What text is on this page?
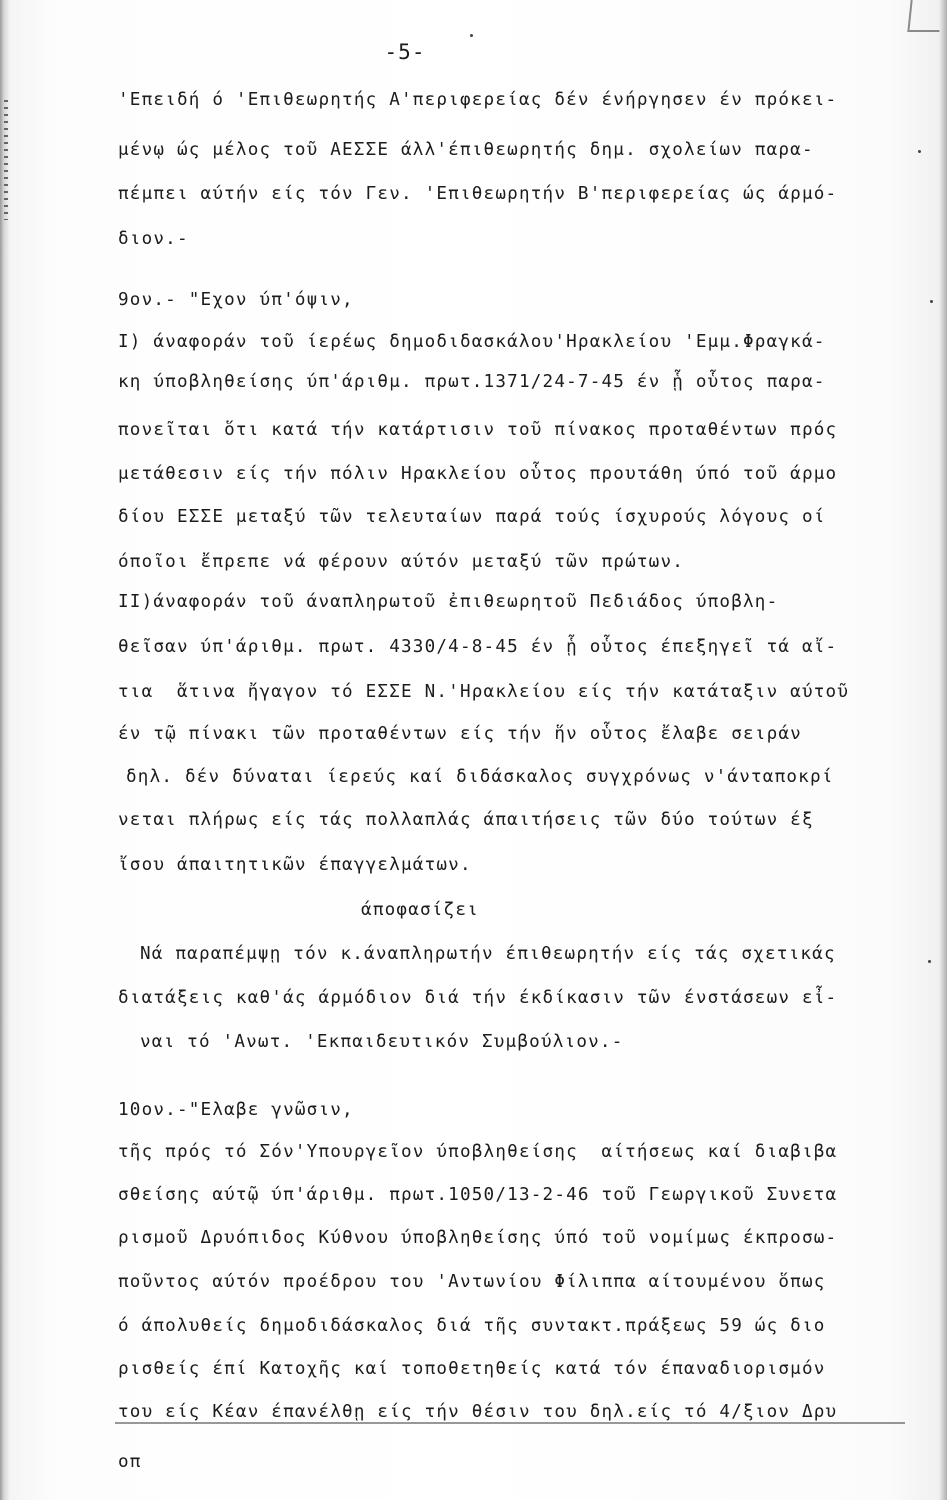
-5-
'Επειδή ό 'Επιθεωρητής Α'περιφερείας δέν ένήργησεν έν πρόκει-
μένῳ ώς μέλος τοῦ ΑΕΣΣΕ άλλ'έπιθεωρητής δημ. σχολείων παρα-
πέμπει αύτήν είς τόν Γεν. 'Επιθεωρητήν Β'περιφερείας ώς άρμό-
διον.-
9ον.- "Εχον ύπ'όψιν,
Ι) άναφοράν τοῦ ίερέως δημοδιδασκάλου'Ηρακλείου 'Εμμ.Φραγκά-
κη ύποβληθείσης ύπ'άριθμ. πρωτ.1371/24-7-45 έν ᾗ οὗτος παρα-
πονεῖται ὅτι κατά τήν κατάρτισιν τοῦ πίνακος προταθέντων πρός
μετάθεσιν είς τήν πόλιν Ηρακλείου οὗτος προυτάθη ύπό τοῦ άρμο
δίου ΕΣΣΕ μεταξύ τῶν τελευταίων παρά τούς ίσχυρούς λόγους οί
όποῖοι ἔπρεπε νά φέρουν αύτόν μεταξύ τῶν πρώτων.
ΙΙ)άναφοράν τοῦ άναπληρωτοῦ ἐπιθεωρητοῦ Πεδιάδος ύποβλη-
θεῖσαν ύπ'άριθμ. πρωτ. 4330/4-8-45 έν ᾗ οὗτος έπεξηγεῖ τά αἴ-
τια  ἅτινα ἤγαγον τό ΕΣΣΕ Ν.'Ηρακλείου είς τήν κατάταξιν αύτοῦ
έν τῷ πίνακι τῶν προταθέντων είς τήν ἥν οὗτος ἔλαβε σειράν
δηλ. δέν δύναται ίερεύς καί διδάσκαλος συγχρόνως ν'άνταποκρί
νεται πλήρως είς τάς πολλαπλάς άπαιτήσεις τῶν δύο τούτων έξ
ἴσου άπαιτητικῶν έπαγγελμάτων.
άποφασίζει
Νά παραπέμψῃ τόν κ.άναπληρωτήν έπιθεωρητήν είς τάς σχετικάς
διατάξεις καθ'άς άρμόδιον διά τήν έκδίκασιν τῶν ένστάσεων εἶ-
ναι τό 'Ανωτ. 'Εκπαιδευτικόν Συμβούλιον.-
10ον.-"Ελαβε γνῶσιν,
τῆς πρός τό Σόν'Υπουργεῖον ύποβληθείσης  αίτήσεως καί διαβιβα
σθείσης αύτῷ ύπ'άριθμ. πρωτ.1050/13-2-46 τοῦ Γεωργικοῦ Συνετα
ρισμοῦ Δρυόπιδος Κύθνου ύποβληθείσης ύπό τοῦ νομίμως έκπροσω-
ποῦντος αύτόν προέδρου του 'Αντωνίου Φίλιππα αίτουμένου ὅπως
ό άπολυθείς δημοδιδάσκαλος διά τῆς συντακτ.πράξεως 59 ώς διο
ρισθείς έπί Κατοχῆς καί τοποθετηθείς κατά τόν έπαναδιορισμόν
του είς Κέαν έπανέλθῃ είς τήν θέσιν του δηλ.είς τό 4/ξιον Δρυ
οπ
